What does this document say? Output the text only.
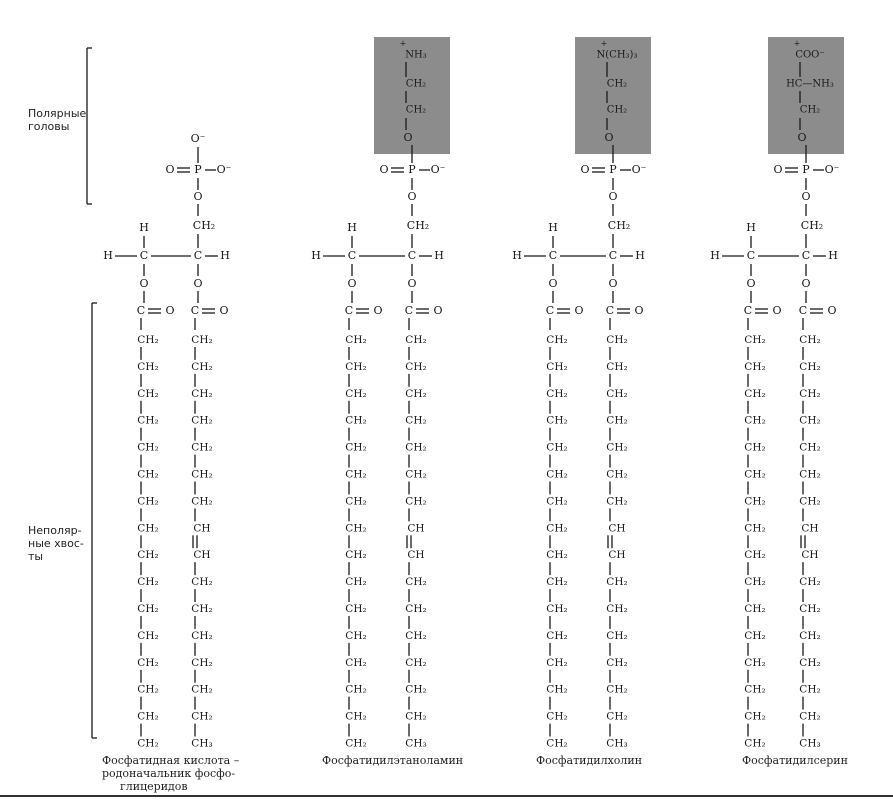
O⁻
O P O⁻
O
CH₂
H
H C	C H
O
C O
O
C O
CH₂
CH₂
CH₂
CH₂
CH₂
CH₂
CH₂
CH₂
CH₂
CH₂
CH₂
CH₂
CH₂
CH₂
CH₂
CH₂
CH₂
CH₂
CH₂
CH₂
CH₂
CH₂
CH₂
CH
CH
CH₂
CH₂
CH₂
CH₂
CH₂
CH₂
CH₃
NH₃
CH₂
CH₂
+
O
O P O⁻
O
CH₂
H
H C	C H
O
C O
O
C O
CH₂
CH₂
CH₂
CH₂
CH₂
CH₂
CH₂
CH₂
CH₂
CH₂
CH₂
CH₂
CH₂
CH₂
CH₂
CH₂
CH₂
CH₂
CH₂
CH₂
CH₂
CH₂
CH₂
CH
CH
CH₂
CH₂
CH₂
CH₂
CH₂
CH₂
CH₃
N(CH₃)₃
CH₂
CH₂
+
O
O P O⁻
O
CH₂
H
H C	C H
O
C O
O
C O
CH₂
CH₂
CH₂
CH₂
CH₂
CH₂
CH₂
CH₂
CH₂
CH₂
CH₂
CH₂
CH₂
CH₂
CH₂
CH₂
CH₂
CH₂
CH₂
CH₂
CH₂
CH₂
CH₂
CH
CH
CH₂
CH₂
CH₂
CH₂
CH₂
CH₂
CH₃
COO⁻
HC—NH₃
CH₂
+
O
O P O⁻
O
CH₂
H
H C	C H
O
C O
O
C O
CH₂
CH₂
CH₂
CH₂
CH₂
CH₂
CH₂
CH₂
CH₂
CH₂
CH₂
CH₂
CH₂
CH₂
CH₂
CH₂
CH₂
CH₂
CH₂
CH₂
CH₂
CH₂
CH₂
CH
CH
CH₂
CH₂
CH₂
CH₂
CH₂
CH₂
CH₃
Полярные головы
Неполяр-ные хвос-ты
Фосфатидная кислота –
родоначальник фосфо-
глицеридов
Фосфатидилэтаноламин	Фосфатидилхолин	Фосфатидилсерин
